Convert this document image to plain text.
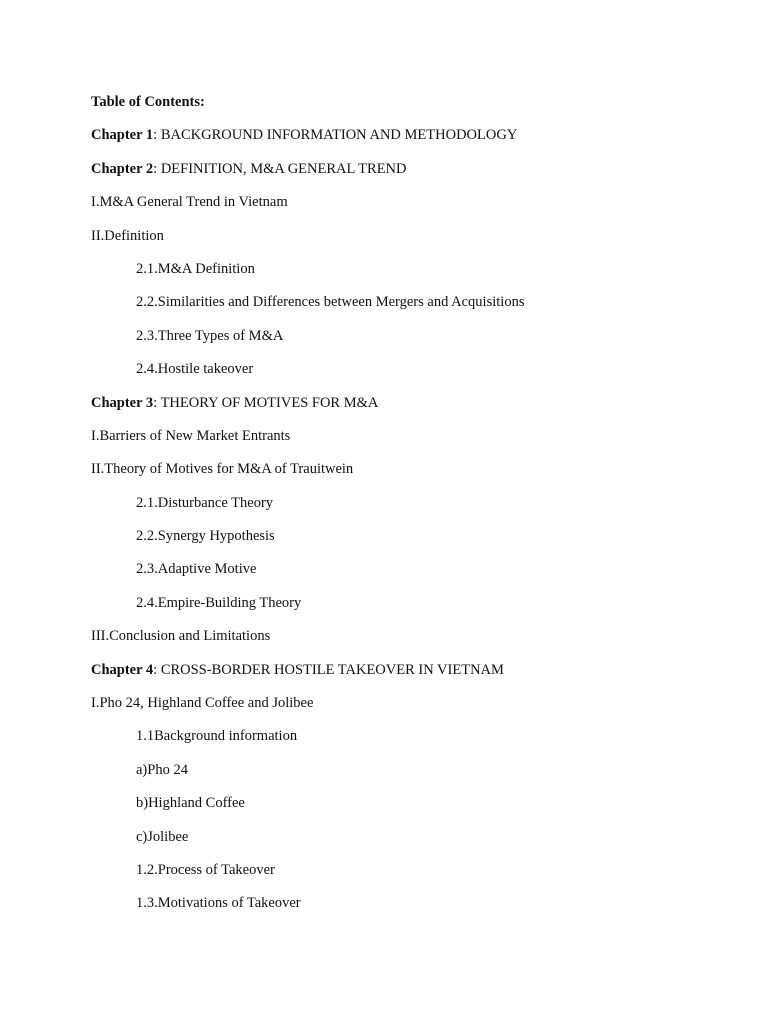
Table of Contents:
Chapter 1: BACKGROUND INFORMATION AND METHODOLOGY
Chapter 2: DEFINITION, M&A GENERAL TREND
I.M&A General Trend in Vietnam
II.Definition
2.1.M&A Definition
2.2.Similarities and Differences between Mergers and Acquisitions
2.3.Three Types of M&A
2.4.Hostile takeover
Chapter 3: THEORY OF MOTIVES FOR M&A
I.Barriers of New Market Entrants
II.Theory of Motives for M&A of Trauitwein
2.1.Disturbance Theory
2.2.Synergy Hypothesis
2.3.Adaptive Motive
2.4.Empire-Building Theory
III.Conclusion and Limitations
Chapter 4: CROSS-BORDER HOSTILE TAKEOVER IN VIETNAM
I.Pho 24, Highland Coffee and Jolibee
1.1Background information
a)Pho 24
b)Highland Coffee
c)Jolibee
1.2.Process of Takeover
1.3.Motivations of Takeover
